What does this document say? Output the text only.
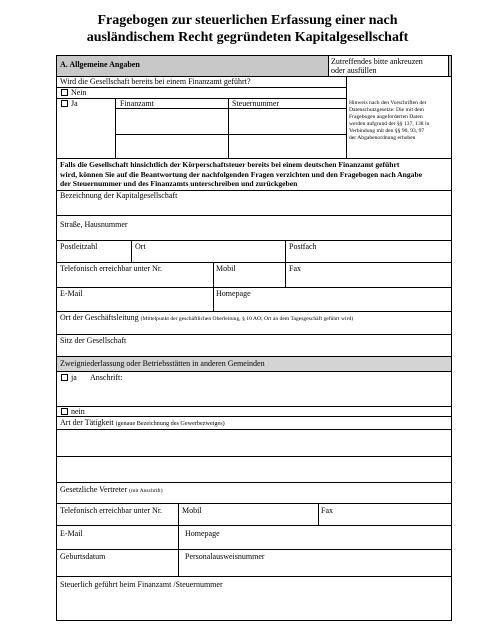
Fragebogen zur steuerlichen Erfassung einer nach
ausländischem Recht gegründeten Kapitalgesellschaft
A. Allgemeine Angaben	Zutreffendes bitte ankreuzen
oder ausfüllen
Wird die Gesellschaft bereits bei einem Finanzamt geführt?
Nein
Ja	Finanzamt	Steuernummer	Hinweis nach den Vorschriften der
Datenschutzgesetze: Die mit dem
Fragebogen angeforderten Daten
werden aufgrund der §§ 137, 138 in
Verbindung mit den §§ 90, 93, 97
der Abgabenordnung erhoben
Falls die Gesellschaft hinsichtlich der Körperschaftsteuer bereits bei einem deutschen Finanzamt geführt
wird, können Sie auf die Beantwortung der nachfolgenden Fragen verzichten und den Fragebogen nach Angabe
der Steuernummer und des Finanzamts unterschreiben und zurückgeben
Bezeichnung der Kapitalgesellschaft
Straße, Hausnummer
Postleitzahl	Ort	Postfach
Telefonisch erreichbar unter Nr.	Mobil	Fax
E-Mail	Homepage
Ort der Geschäftsleitung (Mittelpunkt der geschäftlichen Oberleitung, § 10 AO; Ort an dem Tagesgeschäft geführt wird)
Sitz der Gesellschaft
Zweigniederlassung oder Betriebsstätten in anderen Gemeinden
ja Anschrift:
nein
Art der Tätigkeit (genaue Bezeichnung des Gewerbezweiges)
Gesetzliche Vertreter (mit Anschrift)
Telefonisch erreichbar unter Nr. Mobil	Fax
E-Mail	Homepage
Geburtsdatum	Personalausweisnummer
Steuerlich geführt beim Finanzamt /Steuernummer
